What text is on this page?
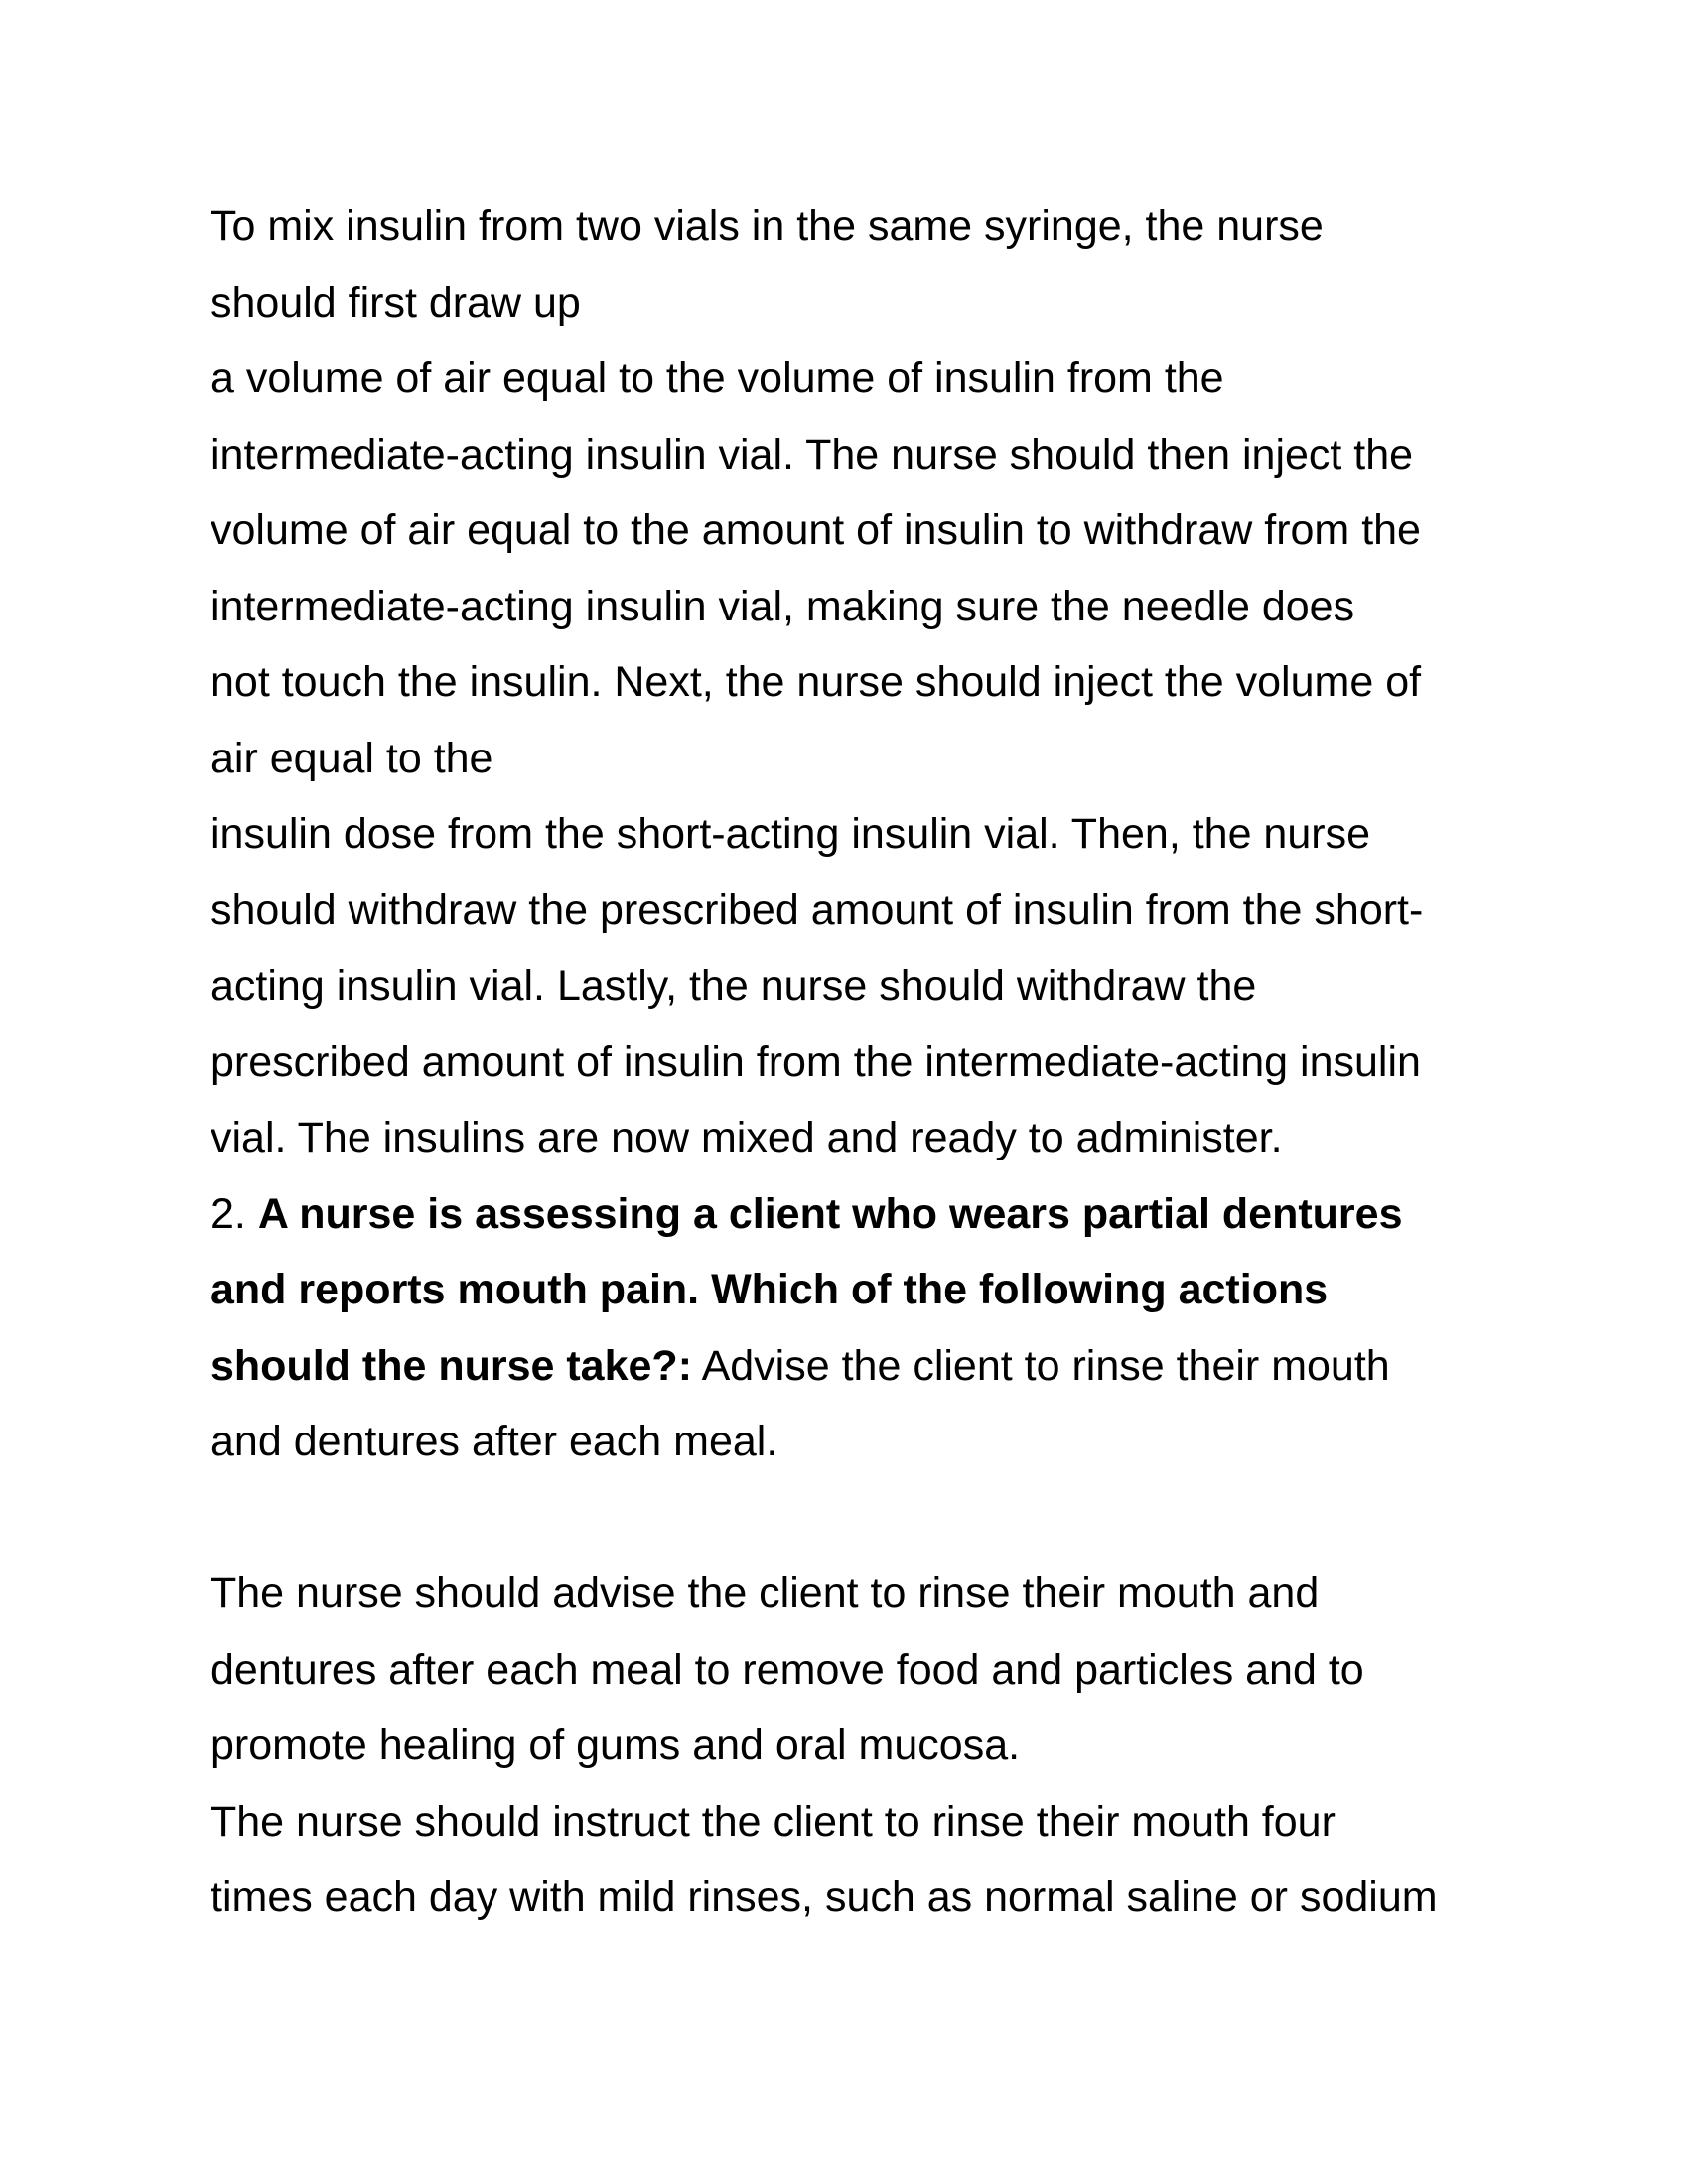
To mix insulin from two vials in the same syringe, the nurse
should first draw up
a volume of air equal to the volume of insulin from the
intermediate-acting insulin vial. The nurse should then inject the
volume of air equal to the amount of insulin to withdraw from the
intermediate-acting insulin vial, making sure the needle does
not touch the insulin. Next, the nurse should inject the volume of
air equal to the
insulin dose from the short-acting insulin vial. Then, the nurse
should withdraw the prescribed amount of insulin from the short-
acting insulin vial. Lastly, the nurse should withdraw the
prescribed amount of insulin from the intermediate-acting insulin
vial. The insulins are now mixed and ready to administer.
2. A nurse is assessing a client who wears partial dentures
and reports mouth pain. Which of the following actions
should the nurse take?: Advise the client to rinse their mouth
and dentures after each meal.
The nurse should advise the client to rinse their mouth and
dentures after each meal to remove food and particles and to
promote healing of gums and oral mucosa.
The nurse should instruct the client to rinse their mouth four
times each day with mild rinses, such as normal saline or sodium
